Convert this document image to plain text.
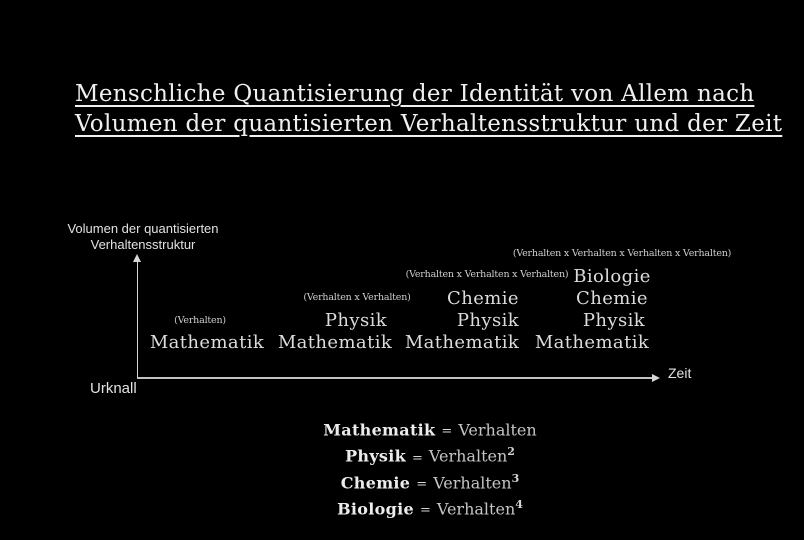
Menschliche Quantisierung der Identität von Allem nach
Volumen der quantisierten Verhaltensstruktur und der Zeit
Volumen der quantisierten
Verhaltensstruktur
Urknall
Zeit
(Verhalten)
Mathematik
(Verhalten x Verhalten)
Physik
Mathematik
(Verhalten x Verhalten x Verhalten)
Chemie
Physik
Mathematik
(Verhalten x Verhalten x Verhalten x Verhalten)
Biologie
Chemie
Physik
Mathematik
Mathematik = Verhalten
Physik = Verhalten$^2$
Chemie = Verhalten$^3$
Biologie = Verhalten$^4$
